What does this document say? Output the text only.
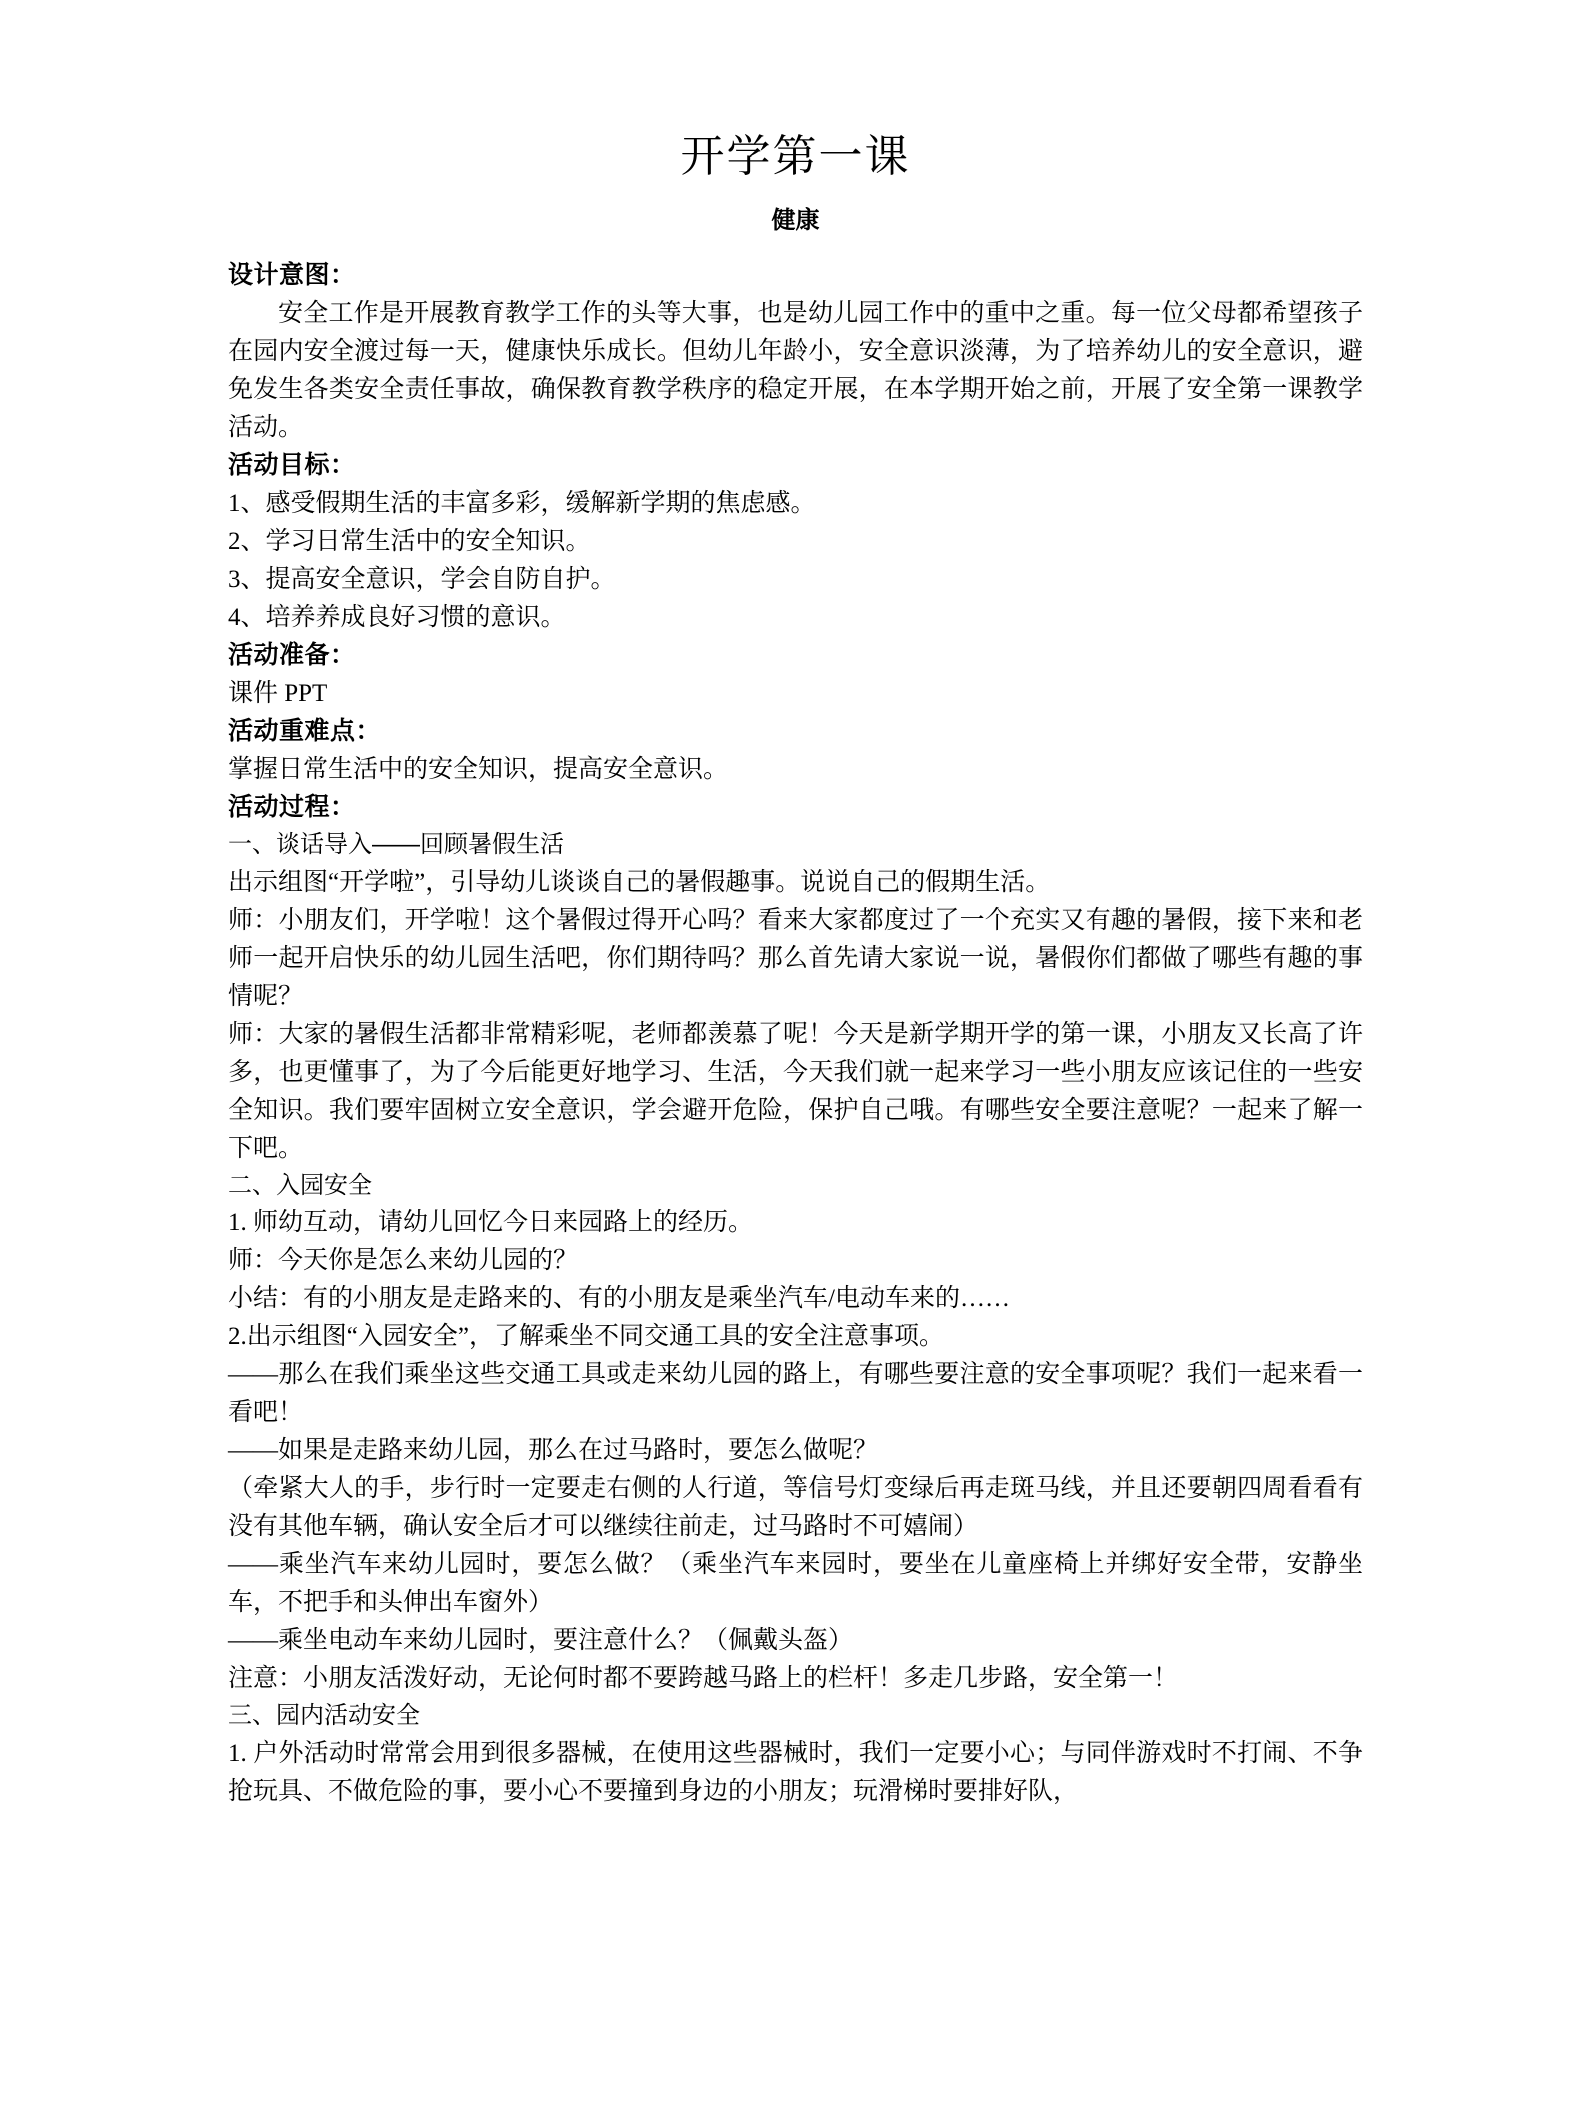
开学第一课
健康
设计意图：

安全工作是开展教育教学工作的头等大事，也是幼儿园工作中的重中之重。每一位父母都希望孩子在园内安全渡过每一天，健康快乐成长。但幼儿年龄小，安全意识淡薄，为了培养幼儿的安全意识，避免发生各类安全责任事故，确保教育教学秩序的稳定开展，在本学期开始之前，开展了安全第一课教学活动。

活动目标：

1、感受假期生活的丰富多彩，缓解新学期的焦虑感。

2、学习日常生活中的安全知识。

3、提高安全意识，学会自防自护。

4、培养养成良好习惯的意识。

活动准备：

课件 PPT

活动重难点：

掌握日常生活中的安全知识，提高安全意识。

活动过程：

一、谈话导入——回顾暑假生活

出示组图“开学啦”，引导幼儿谈谈自己的暑假趣事。说说自己的假期生活。

师：小朋友们，开学啦！这个暑假过得开心吗？看来大家都度过了一个充实又有趣的暑假，接下来和老师一起开启快乐的幼儿园生活吧，你们期待吗？那么首先请大家说一说，暑假你们都做了哪些有趣的事情呢？

师：大家的暑假生活都非常精彩呢，老师都羡慕了呢！今天是新学期开学的第一课，小朋友又长高了许多，也更懂事了，为了今后能更好地学习、生活，今天我们就一起来学习一些小朋友应该记住的一些安全知识。我们要牢固树立安全意识，学会避开危险，保护自己哦。有哪些安全要注意呢？一起来了解一下吧。

二、入园安全

1. 师幼互动，请幼儿回忆今日来园路上的经历。

师：今天你是怎么来幼儿园的？

小结：有的小朋友是走路来的、有的小朋友是乘坐汽车/电动车来的……

2.出示组图“入园安全”，了解乘坐不同交通工具的安全注意事项。

——那么在我们乘坐这些交通工具或走来幼儿园的路上，有哪些要注意的安全事项呢？我们一起来看一看吧！

——如果是走路来幼儿园，那么在过马路时，要怎么做呢？

（牵紧大人的手，步行时一定要走右侧的人行道，等信号灯变绿后再走斑马线，并且还要朝四周看看有没有其他车辆，确认安全后才可以继续往前走，过马路时不可嬉闹）

——乘坐汽车来幼儿园时，要怎么做？（乘坐汽车来园时，要坐在儿童座椅上并绑好安全带，安静坐车，不把手和头伸出车窗外）

——乘坐电动车来幼儿园时，要注意什么？（佩戴头盔）

注意：小朋友活泼好动，无论何时都不要跨越马路上的栏杆！多走几步路，安全第一！

三、园内活动安全

1. 户外活动时常常会用到很多器械，在使用这些器械时，我们一定要小心；与同伴游戏时不打闹、不争抢玩具、不做危险的事，要小心不要撞到身边的小朋友；玩滑梯时要排好队，
